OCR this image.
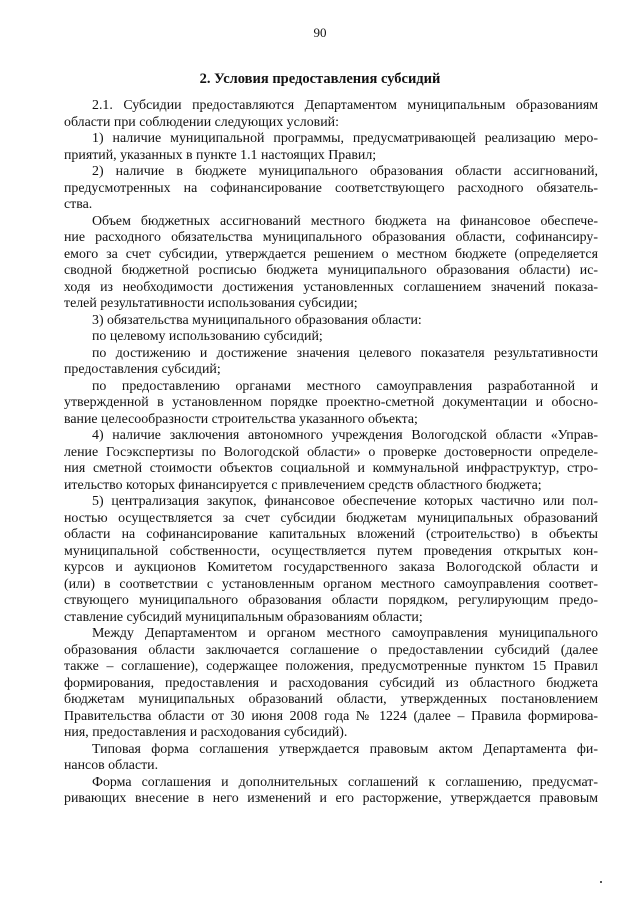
90
2. Условия предоставления субсидий
2.1. Субсидии предоставляются Департаментом муниципальным образованиям
области при соблюдении следующих условий:
1) наличие муниципальной программы, предусматривающей реализацию меро-
приятий, указанных в пункте 1.1 настоящих Правил;
2) наличие в бюджете муниципального образования области ассигнований,
предусмотренных на софинансирование соответствующего расходного обязатель-
ства.
Объем бюджетных ассигнований местного бюджета на финансовое обеспече-
ние расходного обязательства муниципального образования области, софинансиру-
емого за счет субсидии, утверждается решением о местном бюджете (определяется
сводной бюджетной росписью бюджета муниципального образования области) ис-
ходя из необходимости достижения установленных соглашением значений показа-
телей результативности использования субсидии;
3) обязательства муниципального образования области:
по целевому использованию субсидий;
по достижению и достижение значения целевого показателя результативности
предоставления субсидий;
по предоставлению органами местного самоуправления разработанной и
утвержденной в установленном порядке проектно-сметной документации и обосно-
вание целесообразности строительства указанного объекта;
4) наличие заключения автономного учреждения Вологодской области «Управ-
ление Госэкспертизы по Вологодской области» о проверке достоверности определе-
ния сметной стоимости объектов социальной и коммунальной инфраструктур, стро-
ительство которых финансируется с привлечением средств областного бюджета;
5) централизация закупок, финансовое обеспечение которых частично или пол-
ностью осуществляется за счет субсидии бюджетам муниципальных образований
области на софинансирование капитальных вложений (строительство) в объекты
муниципальной собственности, осуществляется путем проведения открытых кон-
курсов и аукционов Комитетом государственного заказа Вологодской области и
(или) в соответствии с установленным органом местного самоуправления соответ-
ствующего муниципального образования области порядком, регулирующим предо-
ставление субсидий муниципальным образованиям области;
Между Департаментом и органом местного самоуправления муниципального
образования области заключается соглашение о предоставлении субсидий (далее
также – соглашение), содержащее положения, предусмотренные пунктом 15 Правил
формирования, предоставления и расходования субсидий из областного бюджета
бюджетам муниципальных образований области, утвержденных постановлением
Правительства области от 30 июня 2008 года № 1224 (далее – Правила формирова-
ния, предоставления и расходования субсидий).
Типовая форма соглашения утверждается правовым актом Департамента фи-
нансов области.
Форма соглашения и дополнительных соглашений к соглашению, предусмат-
ривающих внесение в него изменений и его расторжение, утверждается правовым
